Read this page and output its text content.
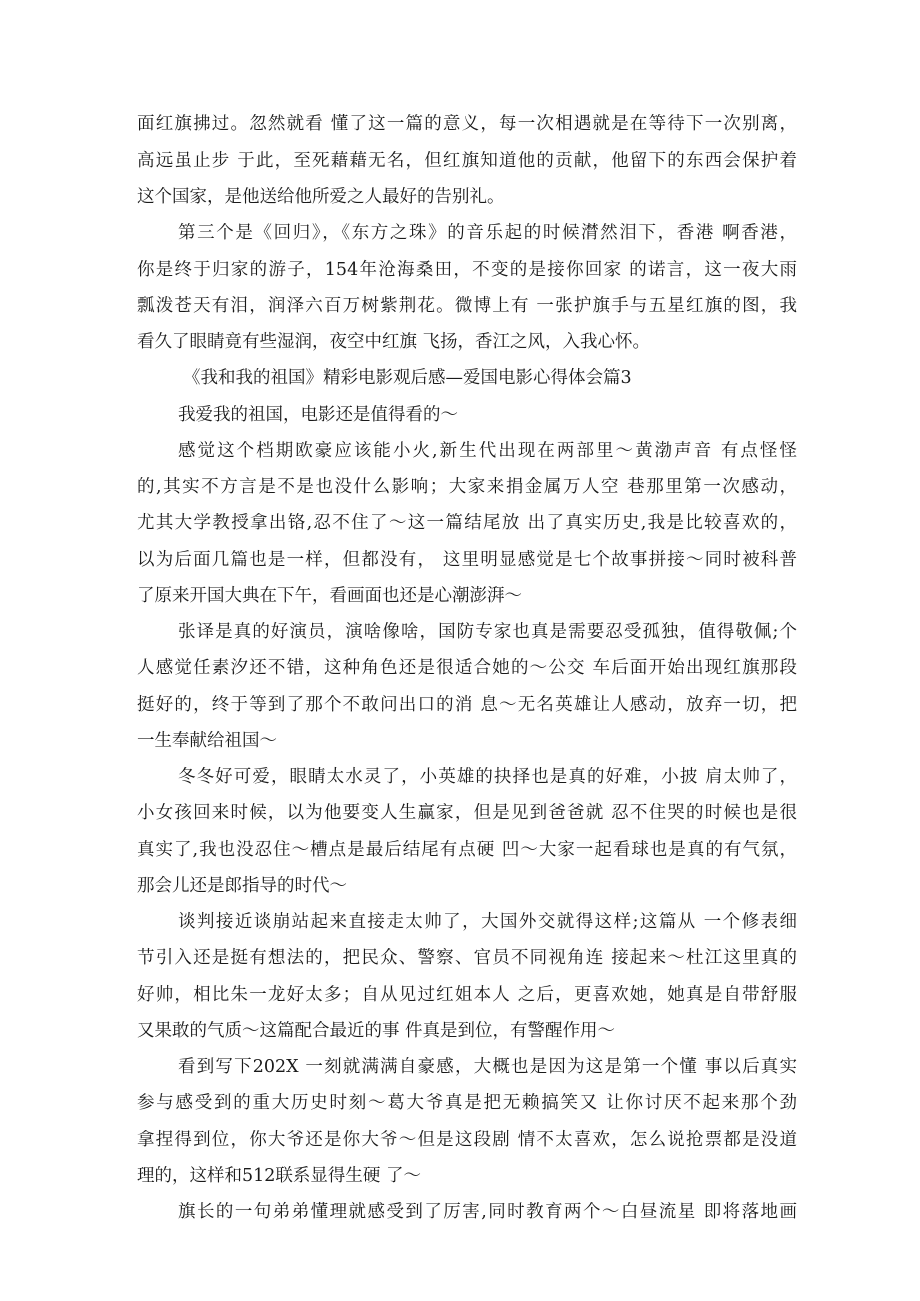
面红旗拂过。忽然就看 懂了这一篇的意义，每一次相遇就是在等待下一次别离，
高远虽止步 于此，至死藉藉无名，但红旗知道他的贡献，他留下的东西会保护着
这个国家，是他送给他所爱之人最好的告别礼。
第三个是《回归》，《东方之珠》的音乐起的时候潸然泪下，香港 啊香港，
你是终于归家的游子，154年沧海桑田，不变的是接你回家 的诺言，这一夜大雨
瓢泼苍天有泪，润泽六百万树紫荆花。微博上有 一张护旗手与五星红旗的图，我
看久了眼睛竟有些湿润，夜空中红旗 飞扬，香江之风，入我心怀。
《我和我的祖国》精彩电影观后感—爱国电影心得体会篇3
我爱我的祖国，电影还是值得看的～
感觉这个档期欧豪应该能小火,新生代出现在两部里～黄渤声音 有点怪怪
的,其实不方言是不是也没什么影响；大家来捐金属万人空 巷那里第一次感动，
尤其大学教授拿出铬,忍不住了～这一篇结尾放 出了真实历史,我是比较喜欢的，
以为后面几篇也是一样，但都没有， 这里明显感觉是七个故事拼接～同时被科普
了原来开国大典在下午，看画面也还是心潮澎湃～
张译是真的好演员，演啥像啥，国防专家也真是需要忍受孤独，值得敬佩;个
人感觉任素汐还不错，这种角色还是很适合她的～公交 车后面开始出现红旗那段
挺好的，终于等到了那个不敢问出口的消 息～无名英雄让人感动，放弃一切，把
一生奉献给祖国～
冬冬好可爱，眼睛太水灵了，小英雄的抉择也是真的好难，小披 肩太帅了，
小女孩回来时候，以为他要变人生赢家，但是见到爸爸就 忍不住哭的时候也是很
真实了,我也没忍住～槽点是最后结尾有点硬 凹～大家一起看球也是真的有气氛，
那会儿还是郎指导的时代～
谈判接近谈崩站起来直接走太帅了，大国外交就得这样;这篇从 一个修表细
节引入还是挺有想法的，把民众、警察、官员不同视角连 接起来～杜江这里真的
好帅，相比朱一龙好太多；自从见过红姐本人 之后，更喜欢她，她真是自带舒服
又果敢的气质～这篇配合最近的事 件真是到位，有警醒作用～
看到写下202X 一刻就满满自豪感，大概也是因为这是第一个懂 事以后真实
参与感受到的重大历史时刻～葛大爷真是把无赖搞笑又 让你讨厌不起来那个劲
拿捏得到位，你大爷还是你大爷～但是这段剧 情不太喜欢，怎么说抢票都是没道
理的，这样和512联系显得生硬 了～
旗长的一句弟弟懂理就感受到了厉害,同时教育两个～白昼流星 即将落地画
